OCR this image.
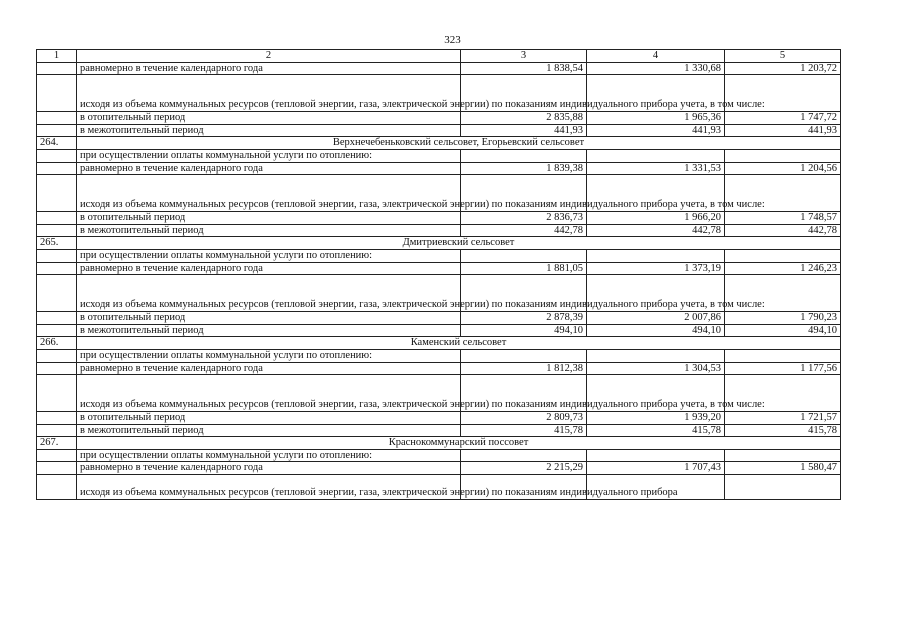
323
1	2	3	4	5
	равномерно в течение календарного года	1 838,54	1 330,68	1 203,72
	исходя из объема коммунальных ресурсов (тепловой энергии, газа, электрической энергии) по показаниям индивидуального прибора учета, в том числе:			
	в отопительный период	2 835,88	1 965,36	1 747,72
	в межотопительный период	441,93	441,93	441,93
264.	Верхнечебеньковский сельсовет, Егорьевский сельсовет			
	при осуществлении оплаты коммунальной услуги по отоплению:			
	равномерно в течение календарного года	1 839,38	1 331,53	1 204,56
	исходя из объема коммунальных ресурсов (тепловой энергии, газа, электрической энергии) по показаниям индивидуального прибора учета, в том числе:			
	в отопительный период	2 836,73	1 966,20	1 748,57
	в межотопительный период	442,78	442,78	442,78
265.	Дмитриевский сельсовет			
	при осуществлении оплаты коммунальной услуги по отоплению:			
	равномерно в течение календарного года	1 881,05	1 373,19	1 246,23
	исходя из объема коммунальных ресурсов (тепловой энергии, газа, электрической энергии) по показаниям индивидуального прибора учета, в том числе:			
	в отопительный период	2 878,39	2 007,86	1 790,23
	в межотопительный период	494,10	494,10	494,10
266.	Каменский сельсовет			
	при осуществлении оплаты коммунальной услуги по отоплению:			
	равномерно в течение календарного года	1 812,38	1 304,53	1 177,56
	исходя из объема коммунальных ресурсов (тепловой энергии, газа, электрической энергии) по показаниям индивидуального прибора учета, в том числе:			
	в отопительный период	2 809,73	1 939,20	1 721,57
	в межотопительный период	415,78	415,78	415,78
267.	Краснокоммунарский поссовет			
	при осуществлении оплаты коммунальной услуги по отоплению:			
	равномерно в течение календарного года	2 215,29	1 707,43	1 580,47
	исходя из объема коммунальных ресурсов (тепловой энергии, газа, электрической энергии) по показаниям индивидуального прибора			
